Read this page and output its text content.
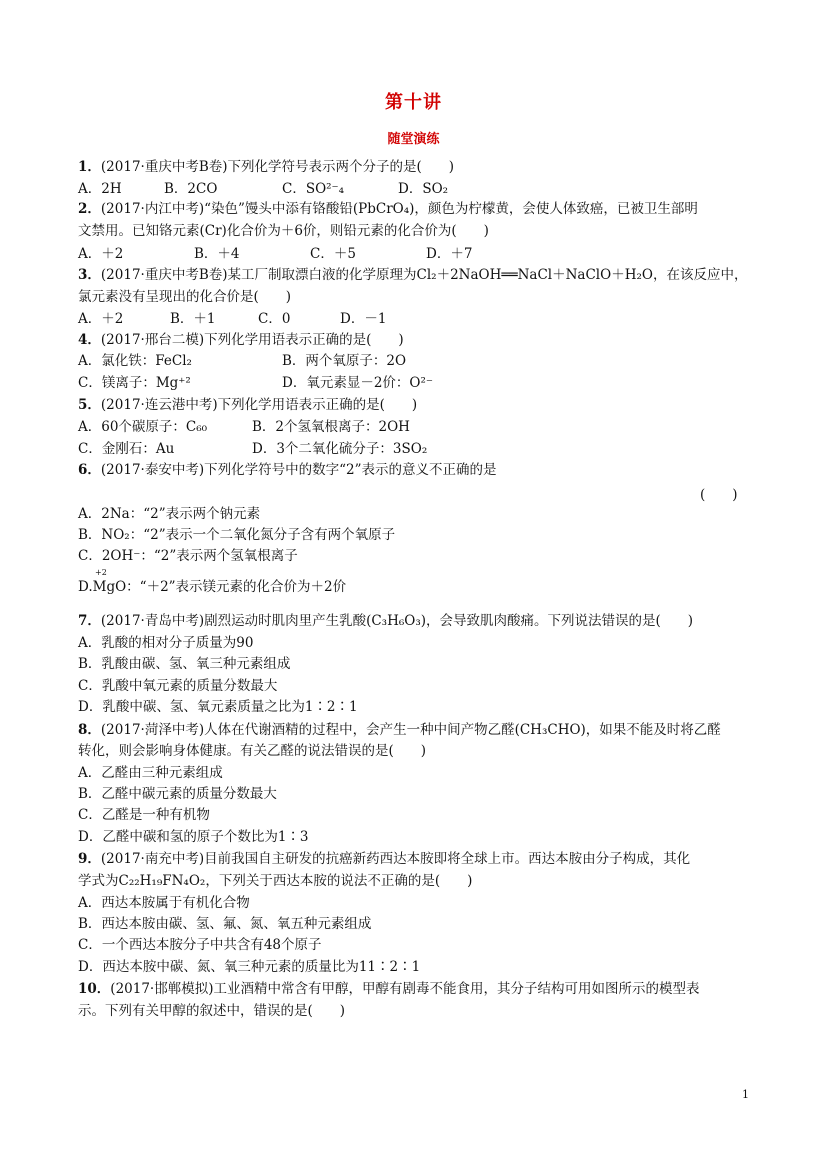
第十讲
随堂演练
1．(2017·重庆中考B卷)下列化学符号表示两个分子的是(　　)
A．2H	B．2CO	C．SO²⁻₄	D．SO₂
2．(2017·内江中考)“染色”馒头中添有铬酸铅(PbCrO₄)，颜色为柠檬黄，会使人体致癌，已被卫生部明
文禁用。已知铬元素(Cr)化合价为＋6价，则铅元素的化合价为(　　)
A．＋2	B．＋4	C．＋5	D．＋7
3．(2017·重庆中考B卷)某工厂制取漂白液的化学原理为Cl₂＋2NaOH══NaCl＋NaClO＋H₂O，在该反应中，
氯元素没有呈现出的化合价是(　　)
A．＋2	B．＋1	C．0	D．－1
4．(2017·邢台二模)下列化学用语表示正确的是(　　)
A．氯化铁：FeCl₂	B．两个氧原子：2O
C．镁离子：Mg⁺²	D．氧元素显－2价：O²⁻
5．(2017·连云港中考)下列化学用语表示正确的是(　　)
A．60个碳原子：C₆₀	B．2个氢氧根离子：2OH
C．金刚石：Au	D．3个二氧化硫分子：3SO₂
6．(2017·泰安中考)下列化学符号中的数字“2”表示的意义不正确的是
(　　)
A．2Na：“2”表示两个钠元素
B．NO₂：“2”表示一个二氧化氮分子含有两个氧原子
C．2OH⁻：“2”表示两个氢氧根离子
+2
D.MgO：“＋2”表示镁元素的化合价为＋2价
7．(2017·青岛中考)剧烈运动时肌肉里产生乳酸(C₃H₆O₃)，会导致肌肉酸痛。下列说法错误的是(　　)
A．乳酸的相对分子质量为90
B．乳酸由碳、氢、氧三种元素组成
C．乳酸中氧元素的质量分数最大
D．乳酸中碳、氢、氧元素质量之比为1∶2∶1
8．(2017·菏泽中考)人体在代谢酒精的过程中，会产生一种中间产物乙醛(CH₃CHO)，如果不能及时将乙醛
转化，则会影响身体健康。有关乙醛的说法错误的是(　　)
A．乙醛由三种元素组成
B．乙醛中碳元素的质量分数最大
C．乙醛是一种有机物
D．乙醛中碳和氢的原子个数比为1∶3
9．(2017·南充中考)目前我国自主研发的抗癌新药西达本胺即将全球上市。西达本胺由分子构成，其化
学式为C₂₂H₁₉FN₄O₂，下列关于西达本胺的说法不正确的是(　　)
A．西达本胺属于有机化合物
B．西达本胺由碳、氢、氟、氮、氧五种元素组成
C．一个西达本胺分子中共含有48个原子
D．西达本胺中碳、氮、氧三种元素的质量比为11∶2∶1
10．(2017·邯郸模拟)工业酒精中常含有甲醇，甲醇有剧毒不能食用，其分子结构可用如图所示的模型表
示。下列有关甲醇的叙述中，错误的是(　　)
1
